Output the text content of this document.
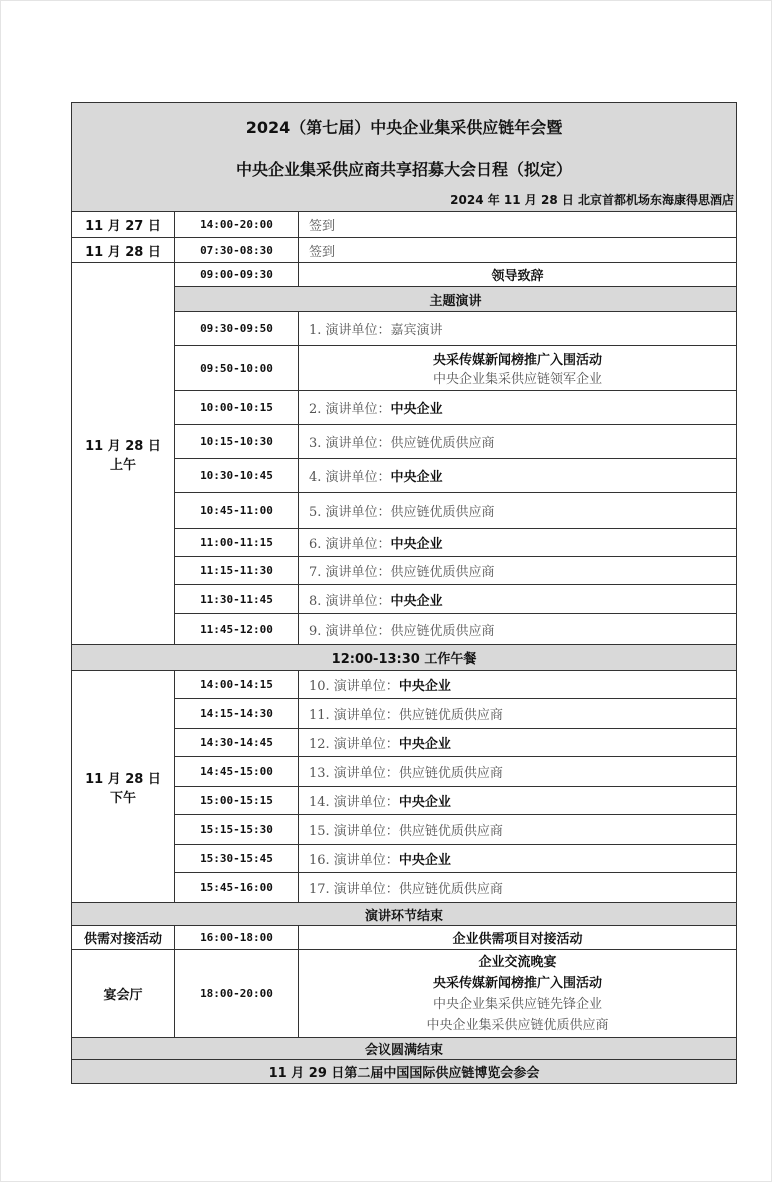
2024（第七届）中央企业集采供应链年会暨
中央企业集采供应商共享招募大会日程（拟定）
2024 年 11 月 28 日 北京首都机场东海康得思酒店		

11 月 27 日	14:00-20:00	签到
11 月 28 日	07:30-08:30	签到

11 月 28 日
上午	09:00-09:30	领导致辞
	主题演讲	
	09:30-09:50	1. 演讲单位：嘉宾演讲
	09:50-10:00	央采传媒新闻榜推广入围活动
中央企业集采供应链领军企业

	10:00-10:15	2. 演讲单位：中央企业
	10:15-10:30	3. 演讲单位：供应链优质供应商
	10:30-10:45	4. 演讲单位：中央企业
	10:45-11:00	5. 演讲单位：供应链优质供应商
	11:00-11:15	6. 演讲单位：中央企业
	11:15-11:30	7. 演讲单位：供应链优质供应商
	11:30-11:45	8. 演讲单位：中央企业
	11:45-12:00	9. 演讲单位：供应链优质供应商
12:00-13:30 工作午餐		

11 月 28 日
下午	14:00-14:15	10. 演讲单位：中央企业
	14:15-14:30	11. 演讲单位：供应链优质供应商
	14:30-14:45	12. 演讲单位：中央企业
	14:45-15:00	13. 演讲单位：供应链优质供应商
	15:00-15:15	14. 演讲单位：中央企业
	15:15-15:30	15. 演讲单位：供应链优质供应商
	15:30-15:45	16. 演讲单位：中央企业
	15:45-16:00	17. 演讲单位：供应链优质供应商
演讲环节结束		
供需对接活动	16:00-18:00	企业供需项目对接活动
宴会厅	18:00-20:00	企业交流晚宴
央采传媒新闻榜推广入围活动
中央企业集采供应链先锋企业
中央企业集采供应链优质供应商

会议圆满结束		
11 月 29 日第二届中国国际供应链博览会参会		
